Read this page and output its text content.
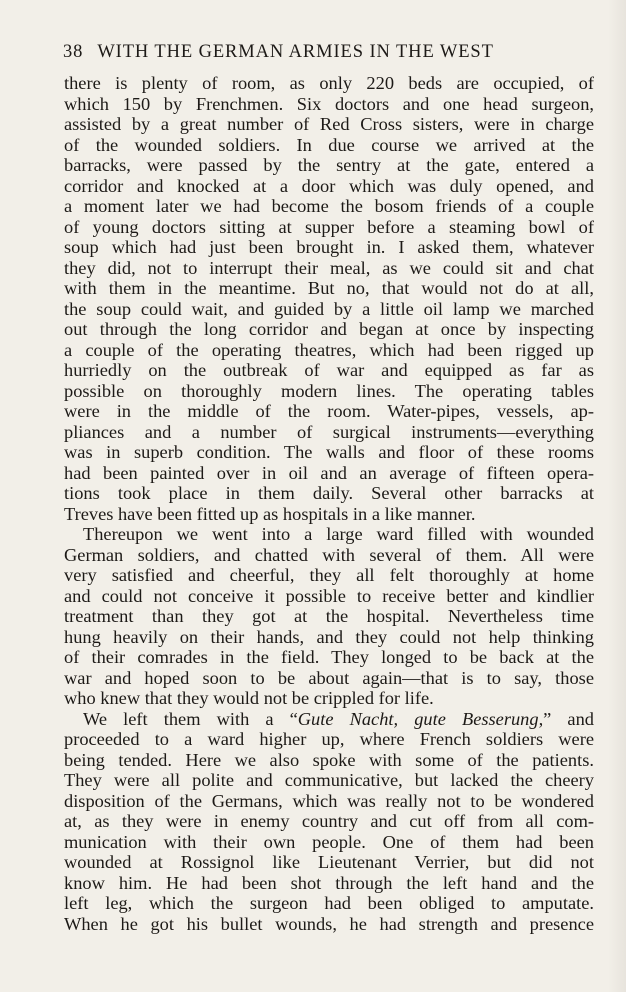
38 WITH THE GERMAN ARMIES IN THE WEST
there is plenty of room, as only 220 beds are occupied, of
which 150 by Frenchmen. Six doctors and one head surgeon,
assisted by a great number of Red Cross sisters, were in charge
of the wounded soldiers. In due course we arrived at the
barracks, were passed by the sentry at the gate, entered a
corridor and knocked at a door which was duly opened, and
a moment later we had become the bosom friends of a couple
of young doctors sitting at supper before a steaming bowl of
soup which had just been brought in. I asked them, whatever
they did, not to interrupt their meal, as we could sit and chat
with them in the meantime. But no, that would not do at all,
the soup could wait, and guided by a little oil lamp we marched
out through the long corridor and began at once by inspecting
a couple of the operating theatres, which had been rigged up
hurriedly on the outbreak of war and equipped as far as
possible on thoroughly modern lines. The operating tables
were in the middle of the room. Water-pipes, vessels, ap-
pliances and a number of surgical instruments—everything
was in superb condition. The walls and floor of these rooms
had been painted over in oil and an average of fifteen opera-
tions took place in them daily. Several other barracks at
Treves have been fitted up as hospitals in a like manner.
Thereupon we went into a large ward filled with wounded
German soldiers, and chatted with several of them. All were
very satisfied and cheerful, they all felt thoroughly at home
and could not conceive it possible to receive better and kindlier
treatment than they got at the hospital. Nevertheless time
hung heavily on their hands, and they could not help thinking
of their comrades in the field. They longed to be back at the
war and hoped soon to be about again—that is to say, those
who knew that they would not be crippled for life.
We left them with a “Gute Nacht, gute Besserung,” and
proceeded to a ward higher up, where French soldiers were
being tended. Here we also spoke with some of the patients.
They were all polite and communicative, but lacked the cheery
disposition of the Germans, which was really not to be wondered
at, as they were in enemy country and cut off from all com-
munication with their own people. One of them had been
wounded at Rossignol like Lieutenant Verrier, but did not
know him. He had been shot through the left hand and the
left leg, which the surgeon had been obliged to amputate.
When he got his bullet wounds, he had strength and presence
